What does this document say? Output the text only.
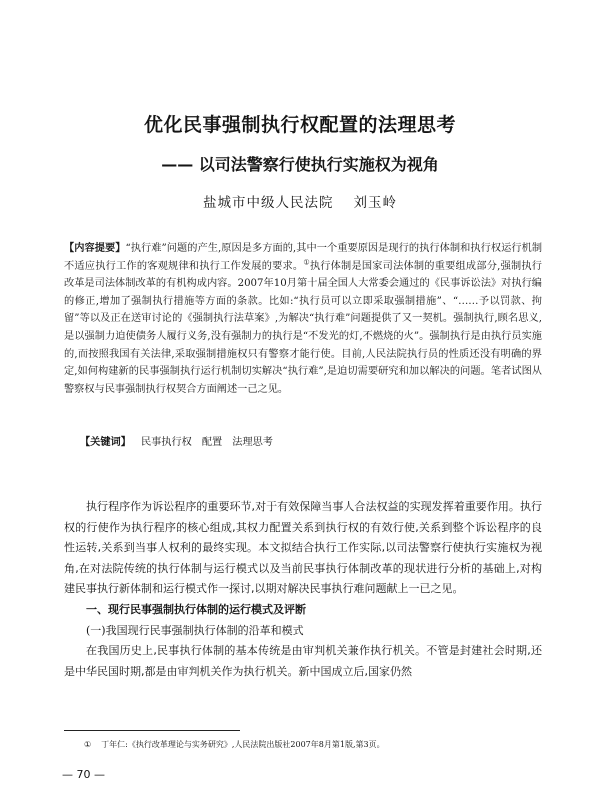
优化民事强制执行权配置的法理思考
—— 以司法警察行使执行实施权为视角
盐城市中级人民法院 刘玉岭
【内容提要】“执行难”问题的产生,原因是多方面的,其中一个重要原因是现行的执行体制和执行权运行机制不适应执行工作的客观规律和执行工作发展的要求。①执行体制是国家司法体制的重要组成部分,强制执行改革是司法体制改革的有机构成内容。2007年10月第十届全国人大常委会通过的《民事诉讼法》对执行编的修正,增加了强制执行措施等方面的条款。比如:“执行员可以立即采取强制措施”、“……予以罚款、拘留”等以及正在送审讨论的《强制执行法草案》,为解决“执行难”问题提供了又一契机。强制执行,顾名思义,是以强制力迫使债务人履行义务,没有强制力的执行是“不发光的灯,不燃烧的火”。强制执行是由执行员实施的,而按照我国有关法律,采取强制措施权只有警察才能行使。目前,人民法院执行员的性质还没有明确的界定,如何构建新的民事强制执行运行机制切实解决“执行难”,是迫切需要研究和加以解决的问题。笔者试图从警察权与民事强制执行权契合方面阐述一己之见。
【关键词】 民事执行权 配置 法理思考

执行程序作为诉讼程序的重要环节,对于有效保障当事人合法权益的实现发挥着重要作用。执行权的行使作为执行程序的核心组成,其权力配置关系到执行权的有效行使,关系到整个诉讼程序的良性运转,关系到当事人权利的最终实现。本文拟结合执行工作实际,以司法警察行使执行实施权为视角,在对法院传统的执行体制与运行模式以及当前民事执行体制改革的现状进行分析的基础上,对构建民事执行新体制和运行模式作一探讨,以期对解决民事执行难问题献上一已之见。

一、现行民事强制执行体制的运行模式及评断

(一)我国现行民事强制执行体制的沿革和模式

在我国历史上,民事执行体制的基本传统是由审判机关兼作执行机关。不管是封建社会时期,还是中华民国时期,都是由审判机关作为执行机关。新中国成立后,国家仍然

① 丁年仁:《执行改革理论与实务研究》,人民法院出版社2007年8月第1版,第3页。
— 70 —
